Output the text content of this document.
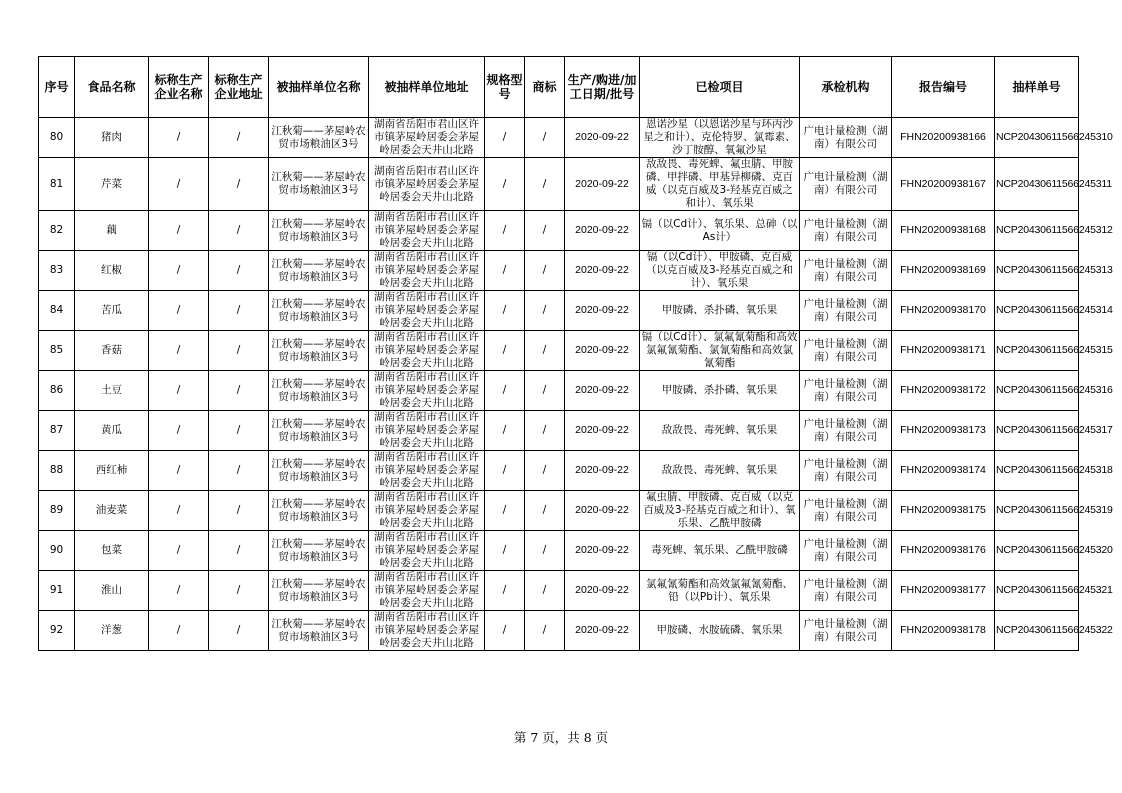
序号	食品名称	标称生产企业名称	标称生产企业地址	被抽样单位名称	被抽样单位地址	规格型号	商标	生产/购进/加工日期/批号	已检项目	承检机构	报告编号	抽样单号
80	猪肉	/	/	江秋菊——茅屋岭农贸市场粮油区3号	湖南省岳阳市君山区许市镇茅屋岭居委会茅屋岭居委会天井山北路	/	/	2020-09-22	恩诺沙星（以恩诺沙星与环丙沙星之和计）、克伦特罗、氯霉素、沙丁胺醇、氧氟沙星	广电计量检测（湖南）有限公司	FHN20200938166	NCP20430611566245310
81	芹菜	/	/	江秋菊——茅屋岭农贸市场粮油区3号	湖南省岳阳市君山区许市镇茅屋岭居委会茅屋岭居委会天井山北路	/	/	2020-09-22	敌敌畏、毒死蜱、氟虫腈、甲胺磷、甲拌磷、甲基异柳磷、克百威（以克百威及3-羟基克百威之和计）、氧乐果	广电计量检测（湖南）有限公司	FHN20200938167	NCP20430611566245311
82	藕	/	/	江秋菊——茅屋岭农贸市场粮油区3号	湖南省岳阳市君山区许市镇茅屋岭居委会茅屋岭居委会天井山北路	/	/	2020-09-22	镉（以Cd计）、氧乐果、总砷（以As计）	广电计量检测（湖南）有限公司	FHN20200938168	NCP20430611566245312
83	红椒	/	/	江秋菊——茅屋岭农贸市场粮油区3号	湖南省岳阳市君山区许市镇茅屋岭居委会茅屋岭居委会天井山北路	/	/	2020-09-22	镉（以Cd计）、甲胺磷、克百威（以克百威及3-羟基克百威之和计）、氧乐果	广电计量检测（湖南）有限公司	FHN20200938169	NCP20430611566245313
84	苦瓜	/	/	江秋菊——茅屋岭农贸市场粮油区3号	湖南省岳阳市君山区许市镇茅屋岭居委会茅屋岭居委会天井山北路	/	/	2020-09-22	甲胺磷、杀扑磷、氧乐果	广电计量检测（湖南）有限公司	FHN20200938170	NCP20430611566245314
85	香菇	/	/	江秋菊——茅屋岭农贸市场粮油区3号	湖南省岳阳市君山区许市镇茅屋岭居委会茅屋岭居委会天井山北路	/	/	2020-09-22	镉（以Cd计）、氯氟氰菊酯和高效氯氟氰菊酯、氯氰菊酯和高效氯氰菊酯	广电计量检测（湖南）有限公司	FHN20200938171	NCP20430611566245315
86	土豆	/	/	江秋菊——茅屋岭农贸市场粮油区3号	湖南省岳阳市君山区许市镇茅屋岭居委会茅屋岭居委会天井山北路	/	/	2020-09-22	甲胺磷、杀扑磷、氧乐果	广电计量检测（湖南）有限公司	FHN20200938172	NCP20430611566245316
87	黄瓜	/	/	江秋菊——茅屋岭农贸市场粮油区3号	湖南省岳阳市君山区许市镇茅屋岭居委会茅屋岭居委会天井山北路	/	/	2020-09-22	敌敌畏、毒死蜱、氧乐果	广电计量检测（湖南）有限公司	FHN20200938173	NCP20430611566245317
88	西红柿	/	/	江秋菊——茅屋岭农贸市场粮油区3号	湖南省岳阳市君山区许市镇茅屋岭居委会茅屋岭居委会天井山北路	/	/	2020-09-22	敌敌畏、毒死蜱、氧乐果	广电计量检测（湖南）有限公司	FHN20200938174	NCP20430611566245318
89	油麦菜	/	/	江秋菊——茅屋岭农贸市场粮油区3号	湖南省岳阳市君山区许市镇茅屋岭居委会茅屋岭居委会天井山北路	/	/	2020-09-22	氟虫腈、甲胺磷、克百威（以克百威及3-羟基克百威之和计）、氧乐果、乙酰甲胺磷	广电计量检测（湖南）有限公司	FHN20200938175	NCP20430611566245319
90	包菜	/	/	江秋菊——茅屋岭农贸市场粮油区3号	湖南省岳阳市君山区许市镇茅屋岭居委会茅屋岭居委会天井山北路	/	/	2020-09-22	毒死蜱、氧乐果、乙酰甲胺磷	广电计量检测（湖南）有限公司	FHN20200938176	NCP20430611566245320
91	淮山	/	/	江秋菊——茅屋岭农贸市场粮油区3号	湖南省岳阳市君山区许市镇茅屋岭居委会茅屋岭居委会天井山北路	/	/	2020-09-22	氯氟氰菊酯和高效氯氟氰菊酯、铅（以Pb计）、氧乐果	广电计量检测（湖南）有限公司	FHN20200938177	NCP20430611566245321
92	洋葱	/	/	江秋菊——茅屋岭农贸市场粮油区3号	湖南省岳阳市君山区许市镇茅屋岭居委会茅屋岭居委会天井山北路	/	/	2020-09-22	甲胺磷、水胺硫磷、氧乐果	广电计量检测（湖南）有限公司	FHN20200938178	NCP20430611566245322
第 7 页，共 8 页
